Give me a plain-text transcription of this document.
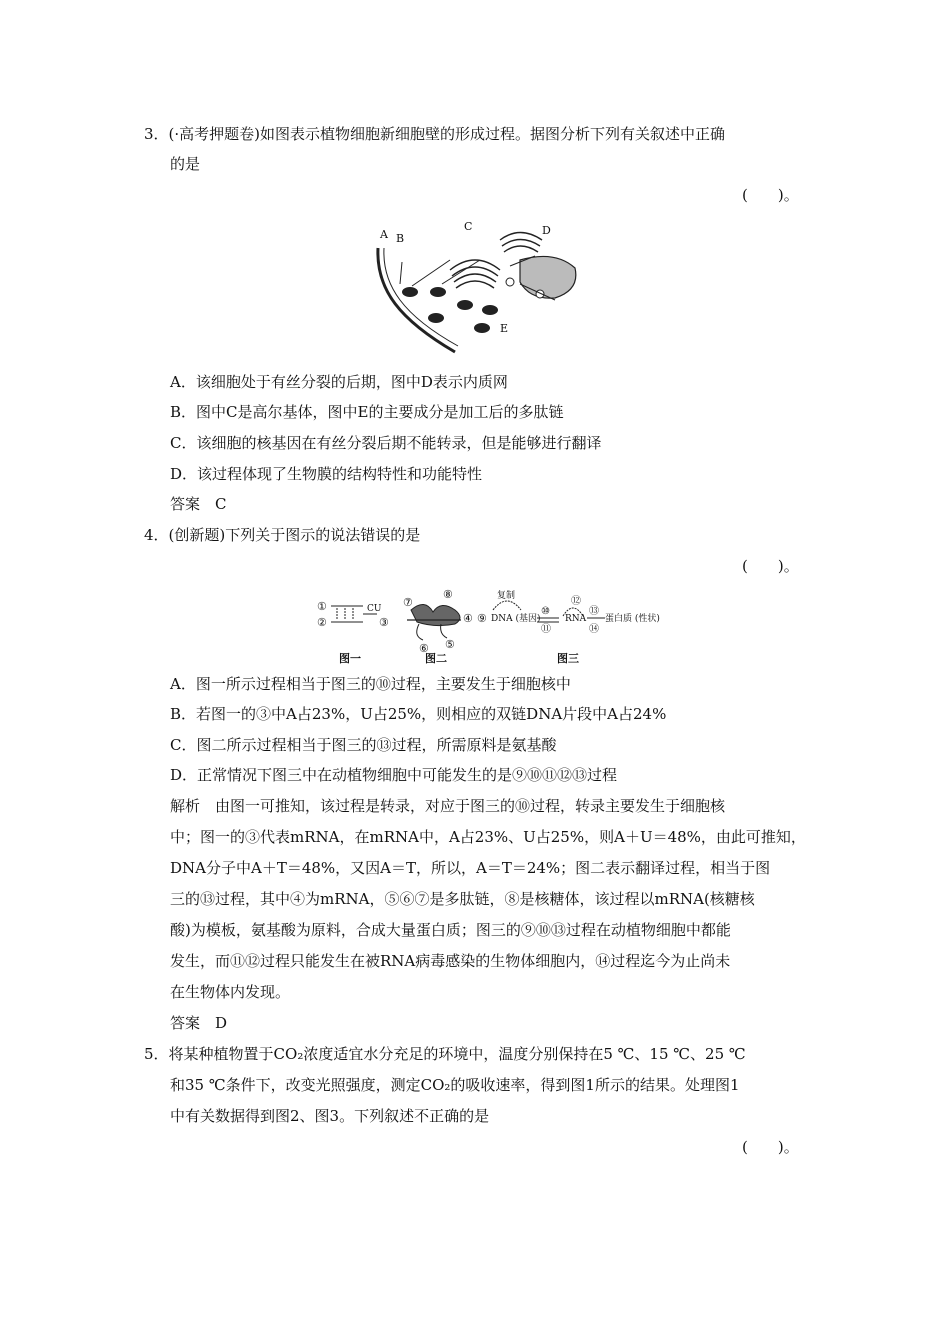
3．(·高考押题卷)如图表示植物细胞新细胞壁的形成过程。据图分析下列有关叙述中正确
的是
(　　)。
A B
C	D
E
A．该细胞处于有丝分裂的后期，图中D表示内质网
B．图中C是高尔基体，图中E的主要成分是加工后的多肽链
C．该细胞的核基因在有丝分裂后期不能转录，但是能够进行翻译
D．该过程体现了生物膜的结构特性和功能特性
答案　C
4．(创新题)下列关于图示的说法错误的是
(　　)。
①
②
CU
③
⑦
⑧
④
⑥ ⑤
复制
⑨ DNA (基因)
⑩
⑪
⑫
RNA
⑬
⑭
蛋白质 (性状)
图一	图二	图三
A．图一所示过程相当于图三的⑩过程，主要发生于细胞核中
B．若图一的③中A占23%，U占25%，则相应的双链DNA片段中A占24%
C．图二所示过程相当于图三的⑬过程，所需原料是氨基酸
D．正常情况下图三中在动植物细胞中可能发生的是⑨⑩⑪⑫⑬过程
解析　由图一可推知，该过程是转录，对应于图三的⑩过程，转录主要发生于细胞核
中；图一的③代表mRNA，在mRNA中，A占23%、U占25%，则A＋U＝48%，由此可推知，
DNA分子中A＋T＝48%，又因A＝T，所以，A＝T＝24%；图二表示翻译过程，相当于图
三的⑬过程，其中④为mRNA，⑤⑥⑦是多肽链，⑧是核糖体，该过程以mRNA(核糖核
酸)为模板，氨基酸为原料，合成大量蛋白质；图三的⑨⑩⑬过程在动植物细胞中都能
发生，而⑪⑫过程只能发生在被RNA病毒感染的生物体细胞内，⑭过程迄今为止尚未
在生物体内发现。
答案　D
5．将某种植物置于CO₂浓度适宜水分充足的环境中，温度分别保持在5 ℃、15 ℃、25 ℃
和35 ℃条件下，改变光照强度，测定CO₂的吸收速率，得到图1所示的结果。处理图1
中有关数据得到图2、图3。下列叙述不正确的是
(　　)。
